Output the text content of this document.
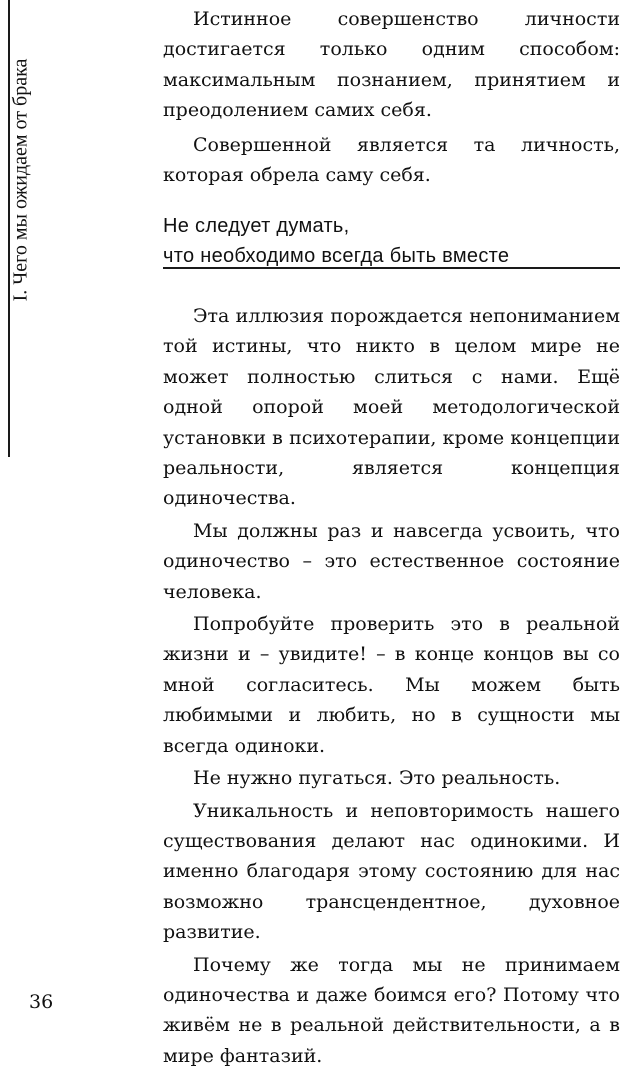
I. Чего мы ожидаем от брака

Истинное совершенство личности достигается только одним способом: максимальным познанием, принятием и преодолением самих себя.

Совершенной является та личность, которая обрела саму себя.

Не следует думать,
что необходимо всегда быть вместе

Эта иллюзия порождается непониманием той истины, что никто в целом мире не может полностью слиться с нами. Ещё одной опорой моей методологической установки в психотерапии, кроме концепции реальности, является концепция одиночества.

Мы должны раз и навсегда усвоить, что одиночество – это естественное состояние человека.

Попробуйте проверить это в реальной жизни и – увидите! – в конце концов вы со мной согласитесь. Мы можем быть любимыми и любить, но в сущности мы всегда одиноки.

Не нужно пугаться. Это реальность.

Уникальность и неповторимость нашего существования делают нас одинокими. И именно благодаря этому состоянию для нас возможно трансцендентное, духовное развитие.

Почему же тогда мы не принимаем одиночества и даже боимся его? Потому что живём не в реальной действительности, а в мире фантазий.

36
